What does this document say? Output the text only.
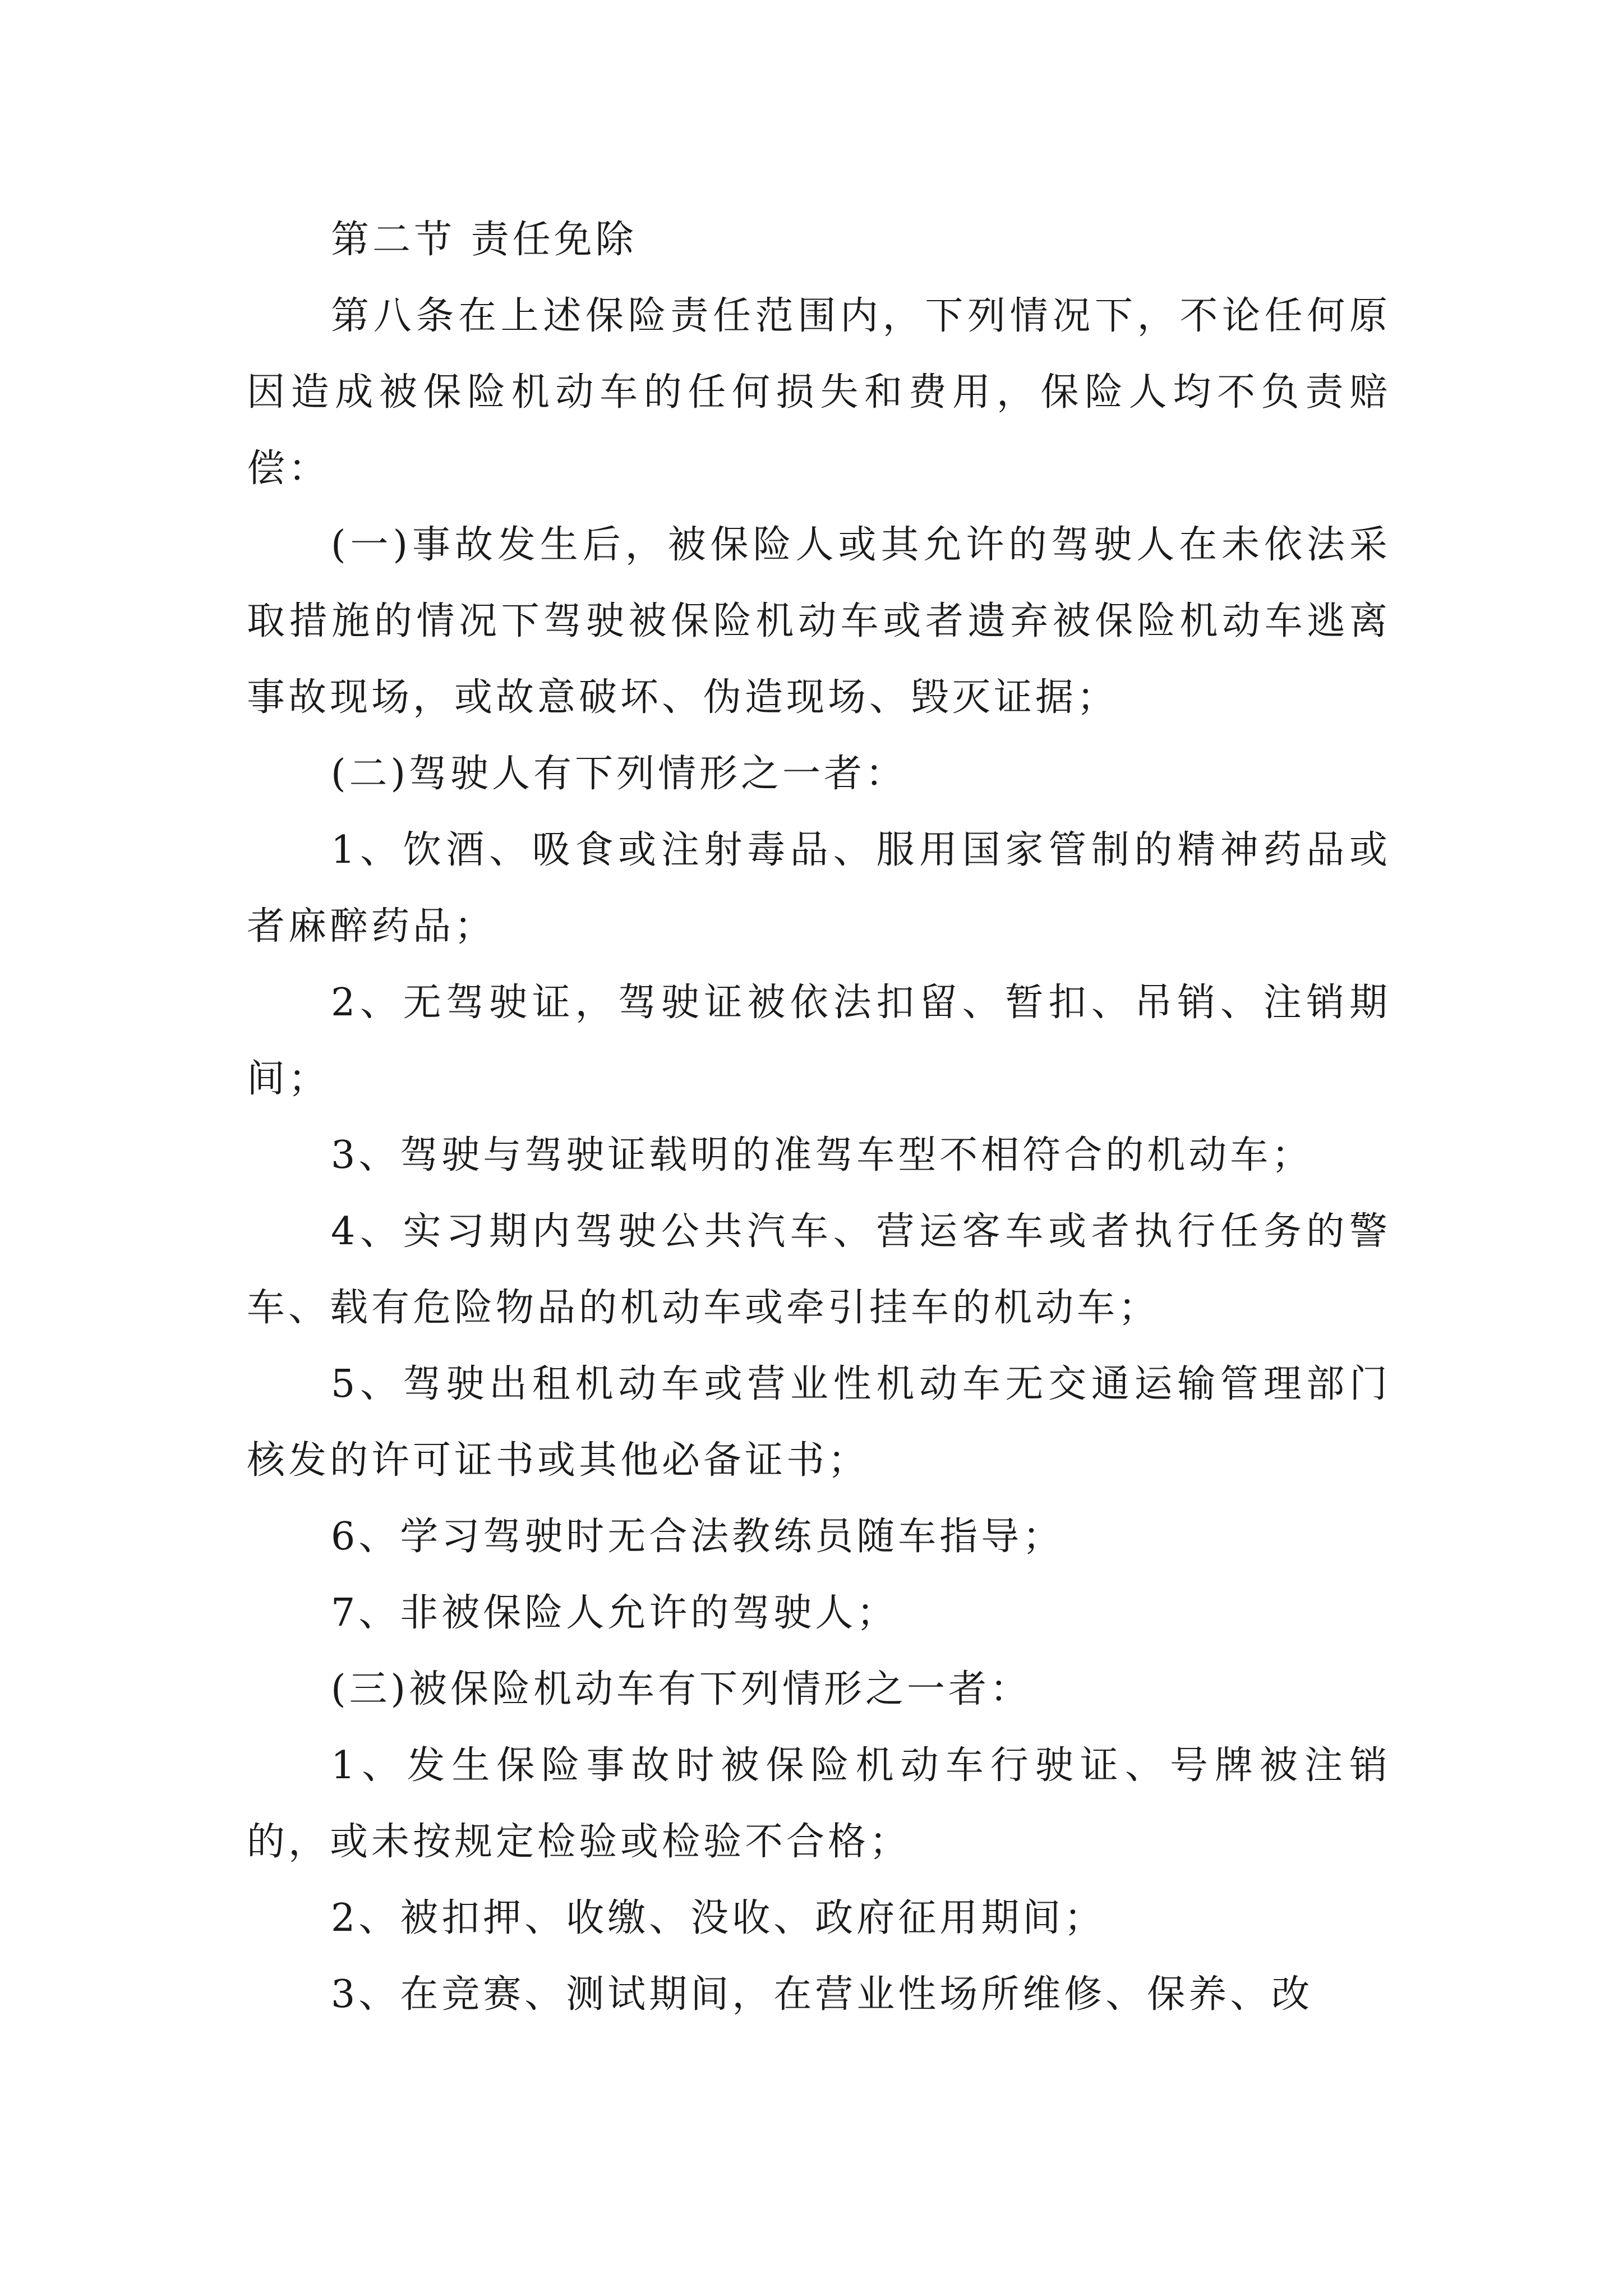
第二节 责任免除

第八条在上述保险责任范围内，下列情况下，不论任何原因造成被保险机动车的任何损失和费用，保险人均不负责赔偿：

(一)事故发生后，被保险人或其允许的驾驶人在未依法采取措施的情况下驾驶被保险机动车或者遗弃被保险机动车逃离事故现场，或故意破坏、伪造现场、毁灭证据；

(二)驾驶人有下列情形之一者：

1、饮酒、吸食或注射毒品、服用国家管制的精神药品或者麻醉药品；

2、无驾驶证，驾驶证被依法扣留、暂扣、吊销、注销期间；

3、驾驶与驾驶证载明的准驾车型不相符合的机动车；

4、实习期内驾驶公共汽车、营运客车或者执行任务的警车、载有危险物品的机动车或牵引挂车的机动车；

5、驾驶出租机动车或营业性机动车无交通运输管理部门核发的许可证书或其他必备证书；

6、学习驾驶时无合法教练员随车指导；

7、非被保险人允许的驾驶人；

(三)被保险机动车有下列情形之一者：

1、发生保险事故时被保险机动车行驶证、号牌被注销的，或未按规定检验或检验不合格；

2、被扣押、收缴、没收、政府征用期间；

3、在竞赛、测试期间，在营业性场所维修、保养、改
